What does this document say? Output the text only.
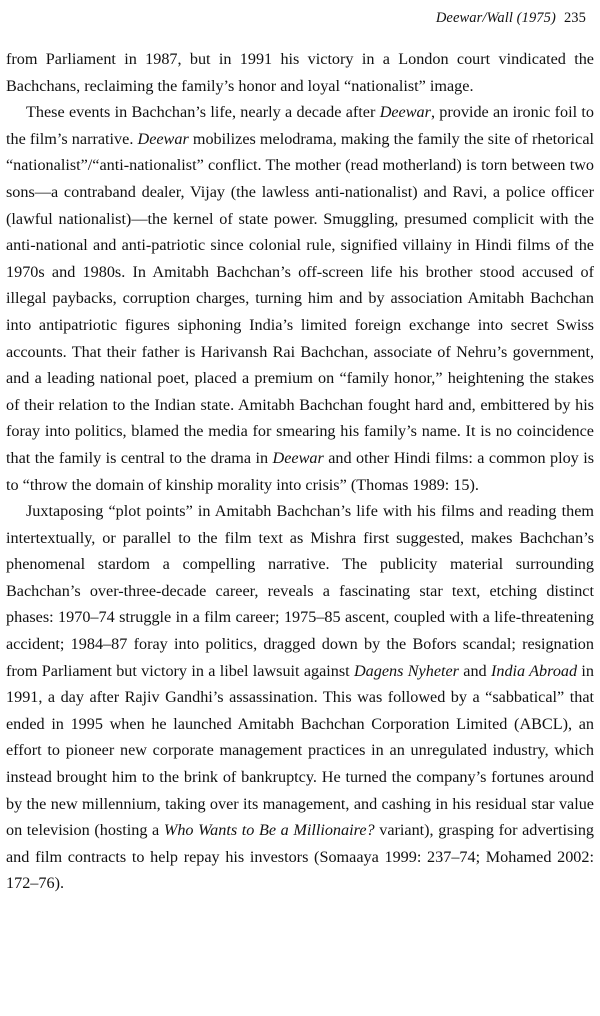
Deewar/Wall (1975) 235

from Parliament in 1987, but in 1991 his victory in a London court vindicated the Bachchans, reclaiming the family’s honor and loyal “nationalist” image.

These events in Bachchan’s life, nearly a decade after Deewar, provide an ironic foil to the film’s narrative. Deewar mobilizes melodrama, making the family the site of rhetorical “nationalist”/“anti-nationalist” conflict. The mother (read motherland) is torn between two sons—a contraband dealer, Vijay (the lawless anti-nationalist) and Ravi, a police officer (lawful nationalist)—the kernel of state power. Smuggling, presumed complicit with the anti-national and anti-patriotic since colonial rule, signified villainy in Hindi films of the 1970s and 1980s. In Amitabh Bachchan’s off-screen life his brother stood accused of illegal paybacks, corruption charges, turning him and by association Amitabh Bachchan into antipatriotic figures siphoning India’s limited foreign exchange into secret Swiss accounts. That their father is Harivansh Rai Bachchan, associate of Nehru’s government, and a leading national poet, placed a premium on “family honor,” heightening the stakes of their relation to the Indian state. Amitabh Bachchan fought hard and, embittered by his foray into politics, blamed the media for smearing his family’s name. It is no coincidence that the family is central to the drama in Deewar and other Hindi films: a common ploy is to “throw the domain of kinship morality into crisis” (Thomas 1989: 15).

Juxtaposing “plot points” in Amitabh Bachchan’s life with his films and reading them intertextually, or parallel to the film text as Mishra first suggested, makes Bachchan’s phenomenal stardom a compelling narrative. The publicity material surrounding Bachchan’s over-three-decade career, reveals a fascinating star text, etching distinct phases: 1970–74 struggle in a film career; 1975–85 ascent, coupled with a life-threatening accident; 1984–87 foray into politics, dragged down by the Bofors scandal; resignation from Parliament but victory in a libel lawsuit against Dagens Nyheter and India Abroad in 1991, a day after Rajiv Gandhi’s assassination. This was followed by a “sabbatical” that ended in 1995 when he launched Amitabh Bachchan Corporation Limited (ABCL), an effort to pioneer new corporate management practices in an unregulated industry, which instead brought him to the brink of bankruptcy. He turned the company’s fortunes around by the new millennium, taking over its management, and cashing in his residual star value on television (hosting a Who Wants to Be a Millionaire? variant), grasping for advertising and film contracts to help repay his investors (Somaaya 1999: 237–74; Mohamed 2002: 172–76).
